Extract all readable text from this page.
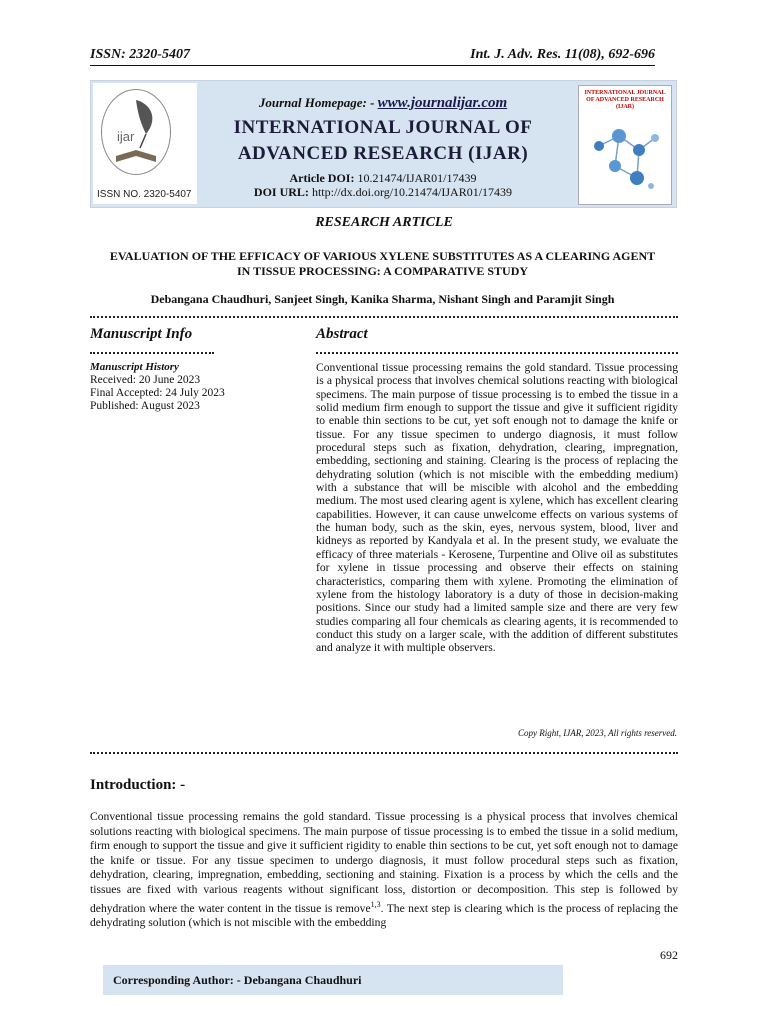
ISSN: 2320-5407	Int. J. Adv. Res. 11(08), 692-696
ijar
ISSN NO. 2320-5407
Journal Homepage: - www.journalijar.com
INTERNATIONAL JOURNAL OF
ADVANCED RESEARCH (IJAR)
Article DOI: 10.21474/IJAR01/17439
DOI URL: http://dx.doi.org/10.21474/IJAR01/17439
INTERNATIONAL JOURNAL OF ADVANCED RESEARCH (IJAR)
RESEARCH ARTICLE
EVALUATION OF THE EFFICACY OF VARIOUS XYLENE SUBSTITUTES AS A CLEARING AGENT
IN TISSUE PROCESSING: A COMPARATIVE STUDY
Debangana Chaudhuri, Sanjeet Singh, Kanika Sharma, Nishant Singh and Paramjit Singh
Manuscript Info	Abstract
Manuscript History
Received: 20 June 2023
Final Accepted: 24 July 2023
Published: August 2023

Conventional tissue processing remains the gold standard. Tissue processing is a physical process that involves chemical solutions reacting with biological specimens. The main purpose of tissue processing is to embed the tissue in a solid medium firm enough to support the tissue and give it sufficient rigidity to enable thin sections to be cut, yet soft enough not to damage the knife or tissue. For any tissue specimen to undergo diagnosis, it must follow procedural steps such as fixation, dehydration, clearing, impregnation, embedding, sectioning and staining. Clearing is the process of replacing the dehydrating solution (which is not miscible with the embedding medium) with a substance that will be miscible with alcohol and the embedding medium. The most used clearing agent is xylene, which has excellent clearing capabilities. However, it can cause unwelcome effects on various systems of the human body, such as the skin, eyes, nervous system, blood, liver and kidneys as reported by Kandyala et al. In the present study, we evaluate the efficacy of three materials - Kerosene, Turpentine and Olive oil as substitutes for xylene in tissue processing and observe their effects on staining characteristics, comparing them with xylene. Promoting the elimination of xylene from the histology laboratory is a duty of those in decision-making positions. Since our study had a limited sample size and there are very few studies comparing all four chemicals as clearing agents, it is recommended to conduct this study on a larger scale, with the addition of different substitutes and analyze it with multiple observers.

Copy Right, IJAR, 2023, All rights reserved.
Introduction: -

Conventional tissue processing remains the gold standard. Tissue processing is a physical process that involves chemical solutions reacting with biological specimens. The main purpose of tissue processing is to embed the tissue in a solid medium, firm enough to support the tissue and give it sufficient rigidity to enable thin sections to be cut, yet soft enough not to damage the knife or tissue. For any tissue specimen to undergo diagnosis, it must follow procedural steps such as fixation, dehydration, clearing, impregnation, embedding, sectioning and staining. Fixation is a process by which the cells and the tissues are fixed with various reagents without significant loss, distortion or decomposition. This step is followed by dehydration where the water content in the tissue is remove$^{1,3}$. The next step is clearing which is the process of replacing the dehydrating solution (which is not miscible with the embedding

692
Corresponding Author: - Debangana Chaudhuri
